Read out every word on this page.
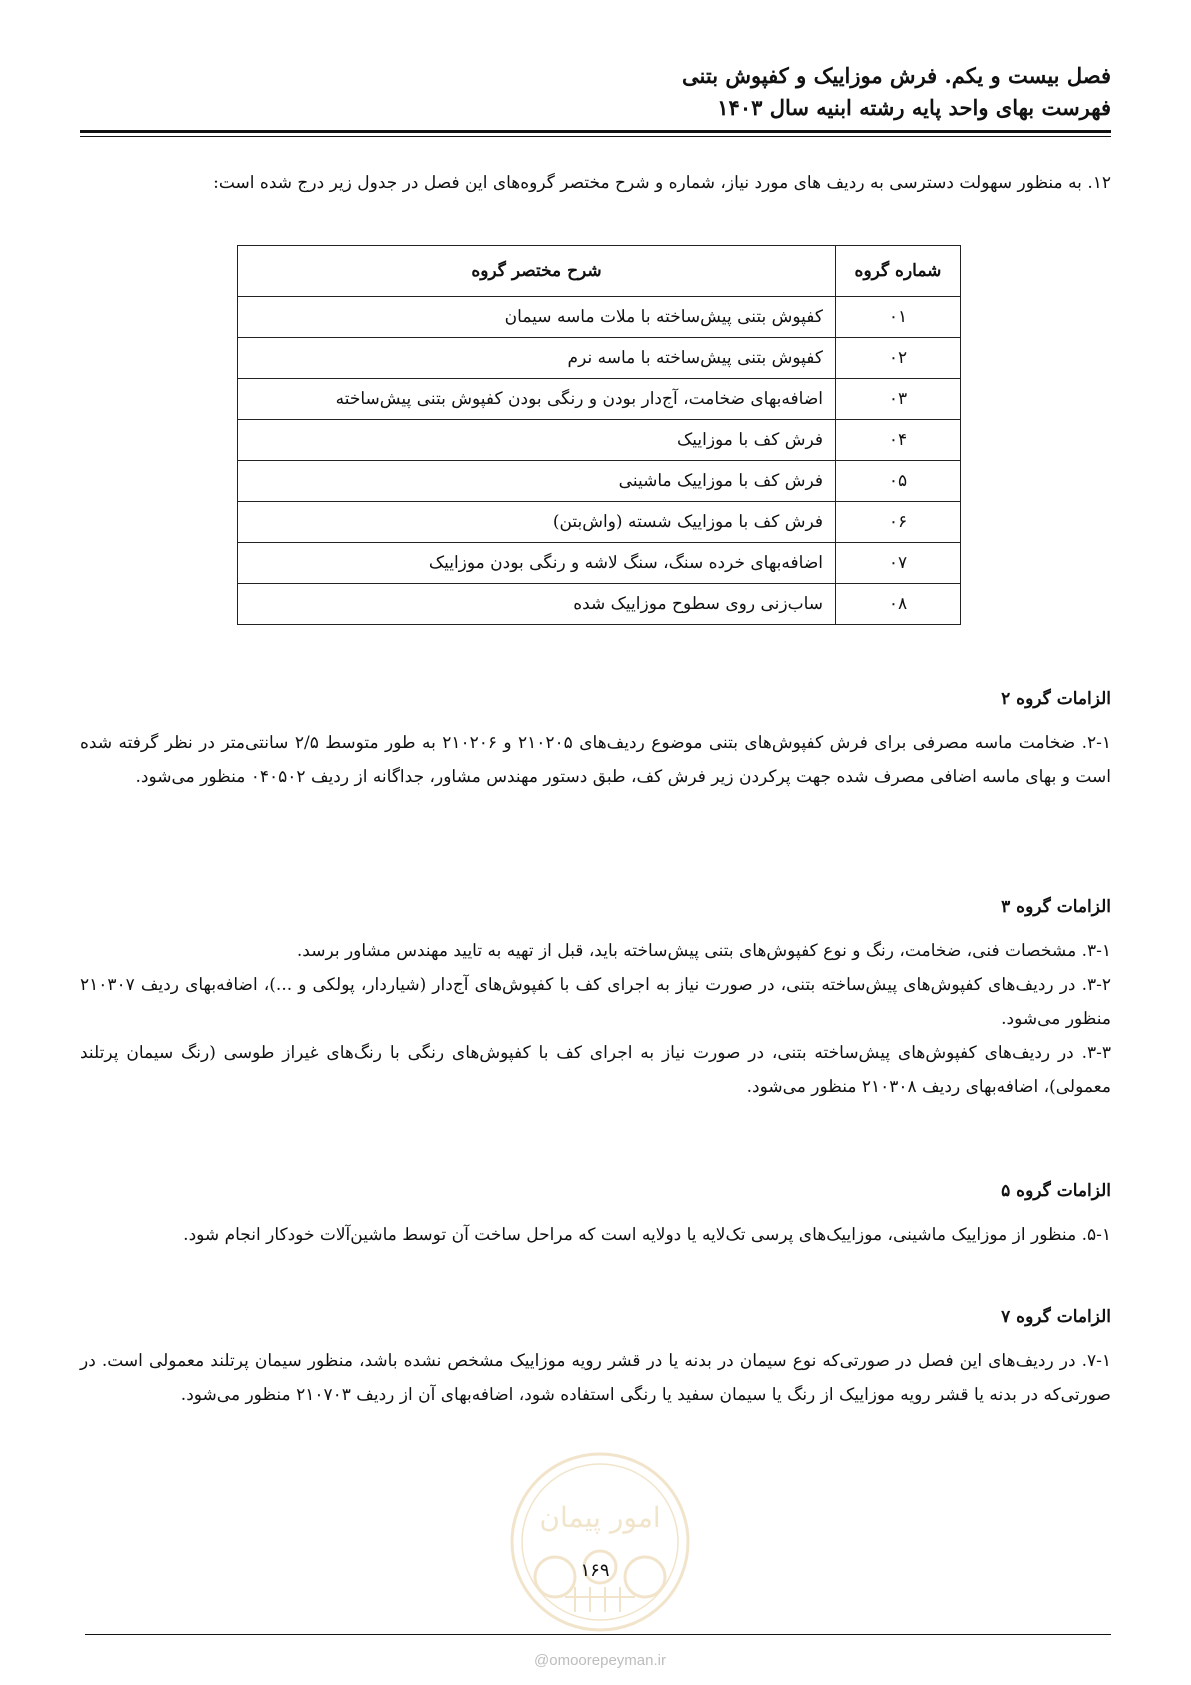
فصل بیست و یکم. فرش موزاییک و کفپوش بتنی
فهرست بهای واحد پایه رشته ابنیه سال ۱۴۰۳
۱۲. به منظور سهولت دسترسی به ردیف های مورد نیاز، شماره و شرح مختصر گروه‌های این فصل در جدول زیر درج شده است:
شماره گروه	شرح مختصر گروه
۰۱	کفپوش بتنی پیش‌ساخته با ملات ماسه سیمان
۰۲	کفپوش بتنی پیش‌ساخته با ماسه نرم
۰۳	اضافه‌بهای ضخامت، آج‌دار بودن و رنگی بودن کفپوش بتنی پیش‌ساخته
۰۴	فرش کف با موزاییک
۰۵	فرش کف با موزاییک ماشینی
۰۶	فرش کف با موزاییک شسته (واش‌بتن)
۰۷	اضافه‌بهای خرده سنگ، سنگ لاشه و رنگی بودن موزاییک
۰۸	ساب‌زنی روی سطوح موزاییک شده
الزامات گروه ۲

۲-۱. ضخامت ماسه مصرفی برای فرش کفپوش‌های بتنی موضوع ردیف‌های ۲۱۰۲۰۵ و ۲۱۰۲۰۶ به طور متوسط ۲/۵ سانتی‌متر در نظر گرفته شده است و بهای ماسه اضافی مصرف شده جهت پرکردن زیر فرش کف، طبق دستور مهندس مشاور، جداگانه از ردیف ۰۴۰۵۰۲ منظور می‌شود.

الزامات گروه ۳

۳-۱. مشخصات فنی، ضخامت، رنگ و نوع کفپوش‌های بتنی پیش‌ساخته باید، قبل از تهیه به تایید مهندس مشاور برسد.

۳-۲. در ردیف‌های کفپوش‌های پیش‌ساخته بتنی، در صورت نیاز به اجرای کف با کفپوش‌های آج‌دار (شیاردار، پولکی و ...)، اضافه‌بهای ردیف ۲۱۰۳۰۷ منظور می‌شود.

۳-۳. در ردیف‌های کفپوش‌های پیش‌ساخته بتنی، در صورت نیاز به اجرای کف با کفپوش‌های رنگی با رنگ‌های غیراز طوسی (رنگ سیمان پرتلند معمولی)، اضافه‌بهای ردیف ۲۱۰۳۰۸ منظور می‌شود.

الزامات گروه ۵

۵-۱. منظور از موزاییک ماشینی، موزاییک‌های پرسی تک‌لایه یا دولایه است که مراحل ساخت آن توسط ماشین‌آلات خودکار انجام شود.

الزامات گروه ۷

۷-۱. در ردیف‌های این فصل در صورتی‌که نوع سیمان در بدنه یا در قشر رویه موزاییک مشخص نشده باشد، منظور سیمان پرتلند معمولی است. در صورتی‌که در بدنه یا قشر رویه موزاییک از رنگ یا سیمان سفید یا رنگی استفاده شود، اضافه‌بهای آن از ردیف ۲۱۰۷۰۳ منظور می‌شود.

امور پیمان
۱۶۹
@omoorepeyman.ir
